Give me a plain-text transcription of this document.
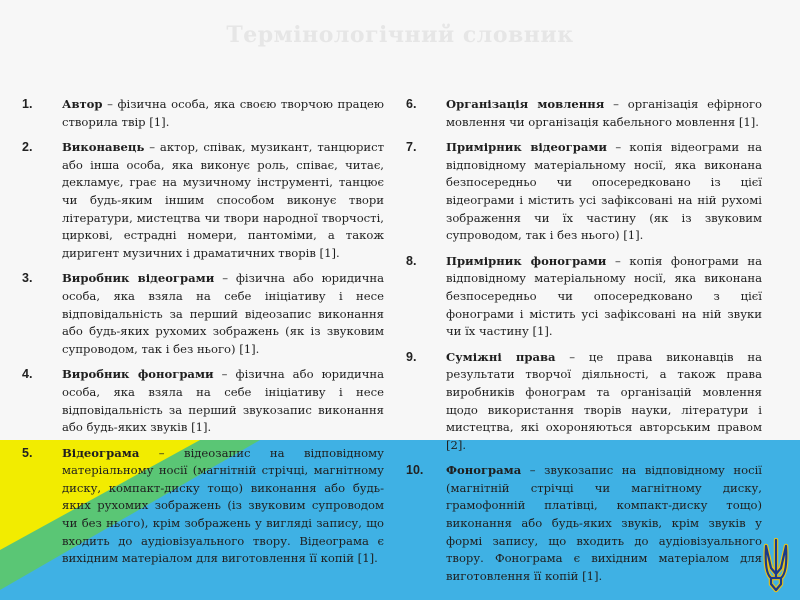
Термінологічний словник
1.	Автор – фізична особа, яка своєю творчою працею створила твір [1].
2.	Виконавець – актор, співак, музикант, танцюрист або інша особа, яка виконує роль, співає, читає, декламує, грає на музичному інструменті, танцює чи будь-яким іншим способом виконує твори літератури, мистецтва чи твори народної творчості, циркові, естрадні номери, пантоміми, а також диригент музичних і драматичних творів [1].
3.	Виробник відеограми – фізична або юридична особа, яка взяла на себе ініціативу і несе відповідальність за перший відеозапис виконання або будь-яких рухомих зображень (як із звуковим супроводом, так і без нього) [1].
4.	Виробник фонограми – фізична або юридична особа, яка взяла на себе ініціативу і несе відповідальність за перший звукозапис виконання або будь-яких звуків [1].
5.	Відеограма – відеозапис на відповідному матеріальному носії (магнітній стрічці, магнітному диску, компакт-диску тощо) виконання або будь-яких рухомих зображень (із звуковим супроводом чи без нього), крім зображень у вигляді запису, що входить до аудіовізуального твору. Відеограма є вихідним матеріалом для виготовлення її копій [1].
6.	Організація мовлення – організація ефірного мовлення чи організація кабельного мовлення [1].
7.	Примірник відеограми – копія відеограми на відповідному матеріальному носії, яка виконана безпосередньо чи опосередковано із цієї відеограми і містить усі зафіксовані на ній рухомі зображення чи їх частину (як із звуковим супроводом, так і без нього) [1].
8.	Примірник фонограми – копія фонограми на відповідному матеріальному носії, яка виконана безпосередньо чи опосередковано з цієї фонограми і містить усі зафіксовані на ній звуки чи їх частину [1].
9.	Суміжні права – це права виконавців на результати творчої діяльності, а також права виробників фонограм та організацій мовлення щодо використання творів науки, літератури і мистецтва, які охороняються авторським правом [2].
10. Фонограма – звукозапис на відповідному носії (магнітній стрічці чи магнітному диску, грамофонній платівці, компакт-диску тощо) виконання або будь-яких звуків, крім звуків у формі запису, що входить до аудіовізуального твору. Фонограма є вихідним матеріалом для виготовлення її копій [1].
